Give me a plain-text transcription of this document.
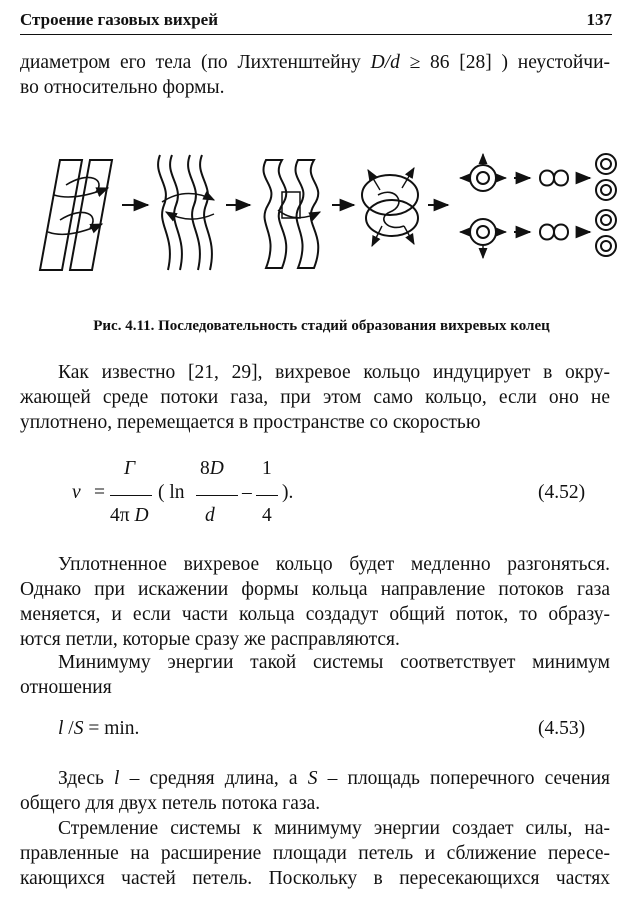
Строение газовых вихрей	137

диаметром его тела (по Лихтенштейну D/d ≥ 86 [28] ) неустойчи-
во относительно формы.

Рис. 4.11. Последовательность стадий образования вихревых колец

Как известно [21, 29], вихревое кольцо индуцирует в окру-
жающей среде потоки газа, при этом само кольцо, если оно не
уплотнено, перемещается в пространстве со скоростью

Γ
v =
4π D
( ln
8D
d
–
1
4
).	(4.52)

Уплотненное вихревое кольцо будет медленно разгоняться.
Однако при искажении формы кольца направление потоков газа
меняется, и если части кольца создадут общий поток, то образу-
ются петли, которые сразу же расправляются.

Минимуму энергии такой системы соответствует минимум
отношения

l /S = min.	(4.53)

Здесь l – средняя длина, а S – площадь поперечного сечения
общего для двух петель потока газа.

Стремление системы к минимуму энергии создает силы, на-
правленные на расширение площади петель и сближение пересе-
кающихся частей петель. Поскольку в пересекающихся частях
